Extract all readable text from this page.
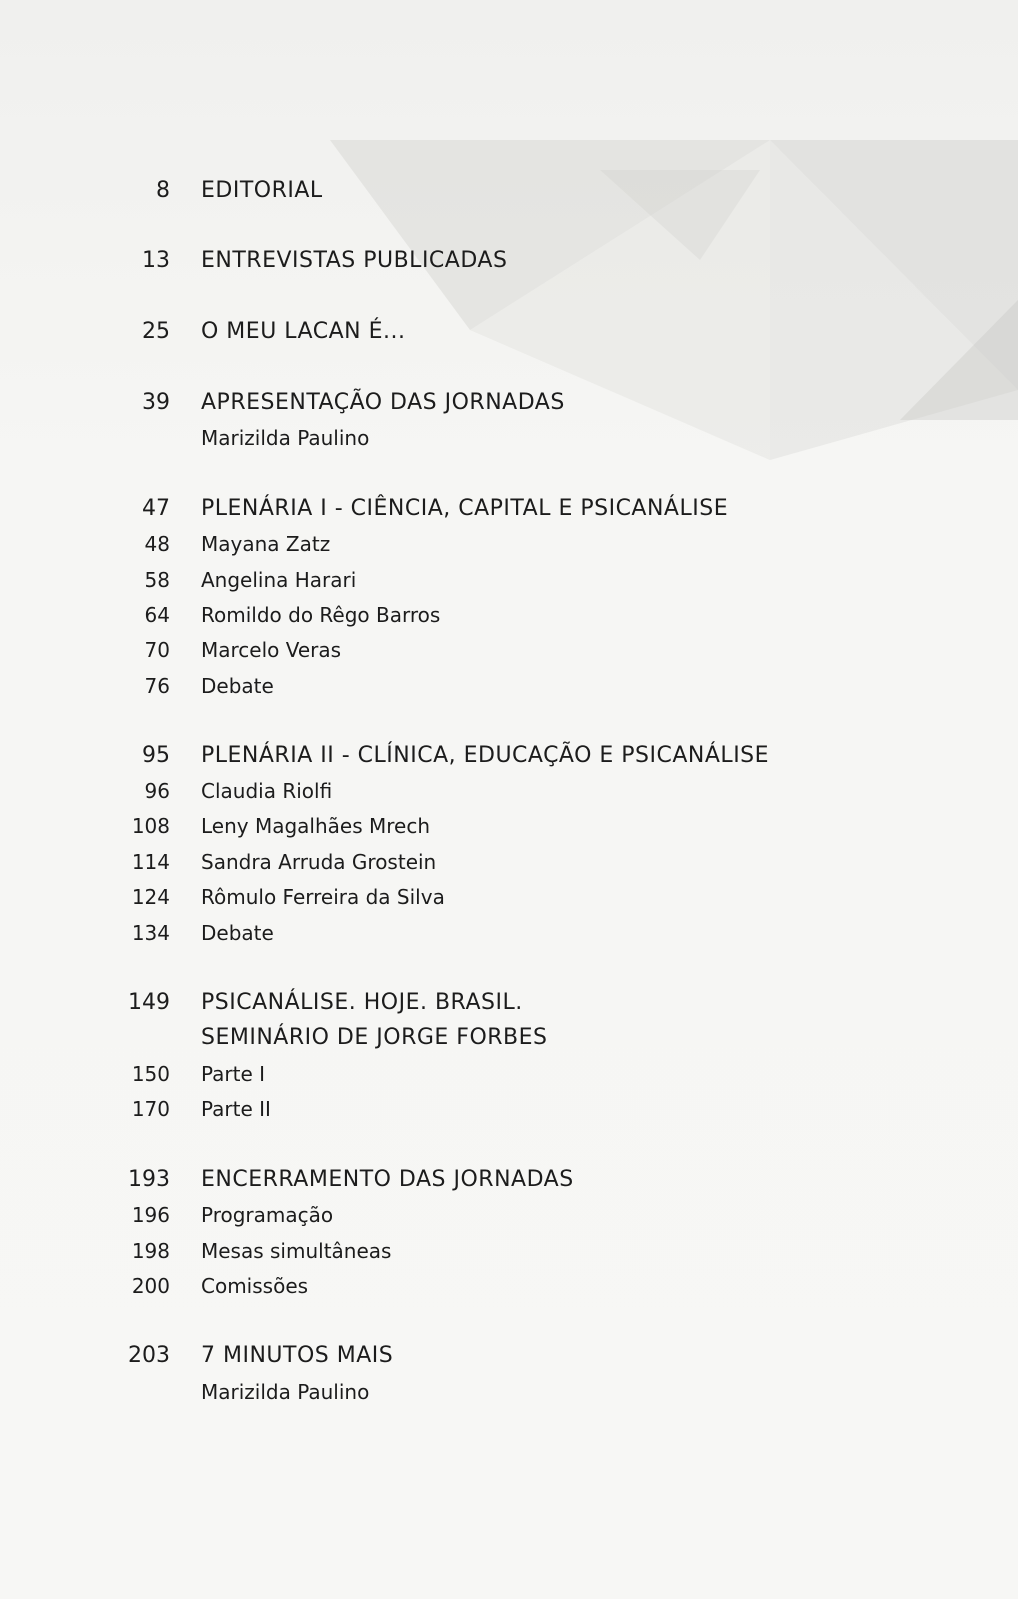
8 EDITORIAL
13 ENTREVISTAS PUBLICADAS
25 O MEU LACAN É...
39 APRESENTAÇÃO DAS JORNADAS
Marizilda Paulino
47 PLENÁRIA I - CIÊNCIA, CAPITAL E PSICANÁLISE
48 Mayana Zatz
58 Angelina Harari
64 Romildo do Rêgo Barros
70 Marcelo Veras
76 Debate
95 PLENÁRIA II - CLÍNICA, EDUCAÇÃO E PSICANÁLISE
96 Claudia Riolfi
108 Leny Magalhães Mrech
114 Sandra Arruda Grostein
124 Rômulo Ferreira da Silva
134 Debate
149 PSICANÁLISE. HOJE. BRASIL.
SEMINÁRIO DE JORGE FORBES
150 Parte I
170 Parte II
193 ENCERRAMENTO DAS JORNADAS
196 Programação
198 Mesas simultâneas
200 Comissões
203 7 MINUTOS MAIS
Marizilda Paulino
